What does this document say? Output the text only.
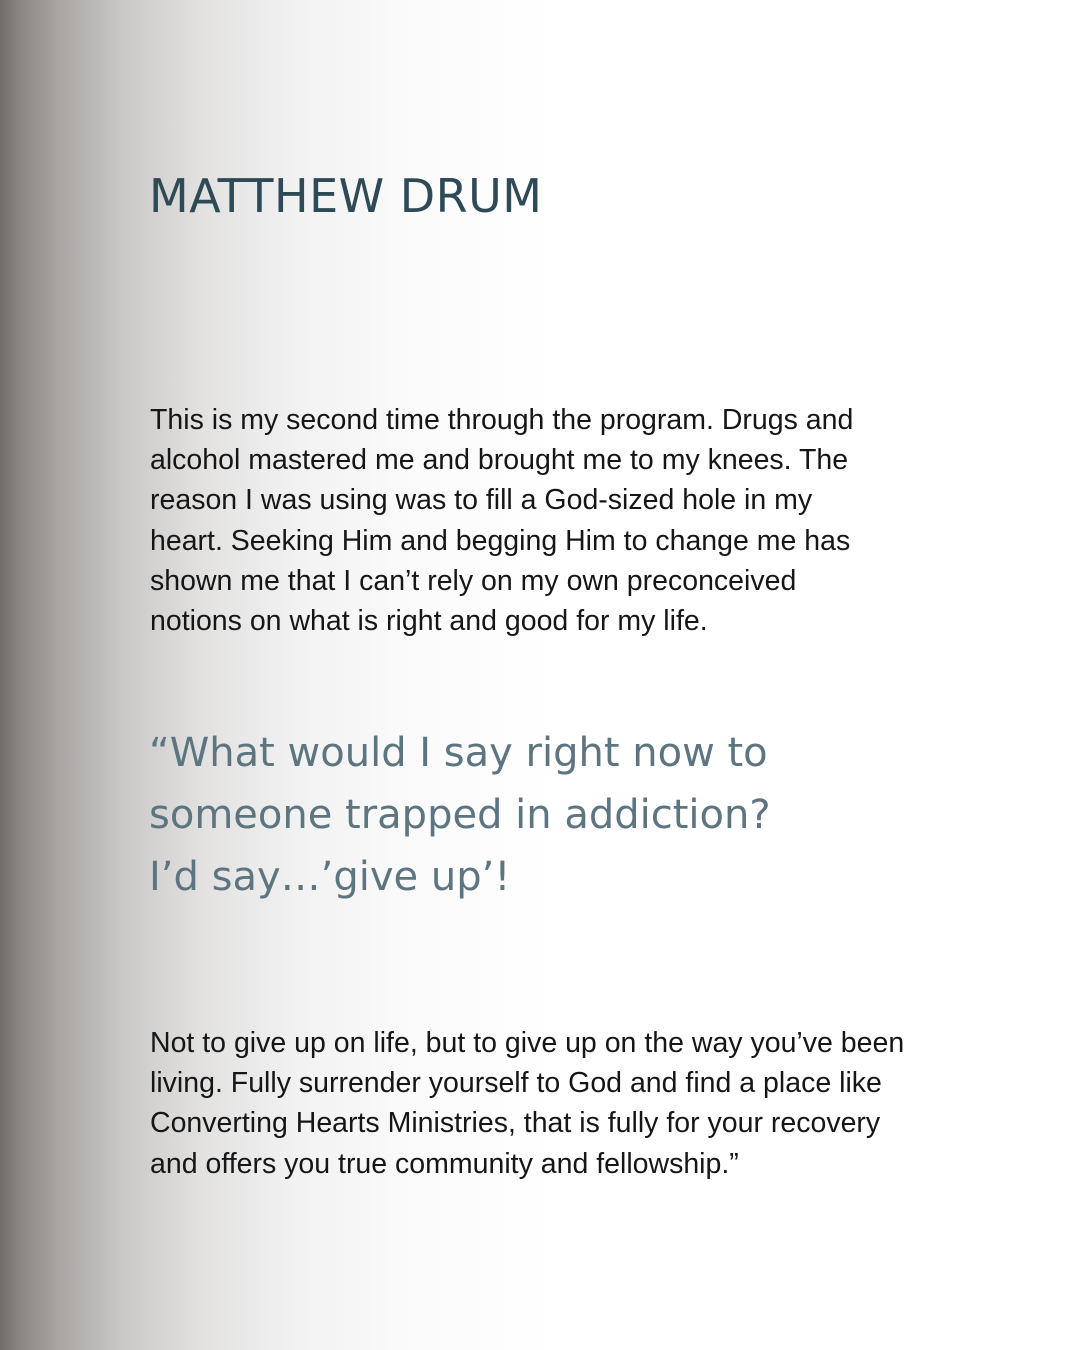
MATTHEW DRUM

This is my second time through the program. Drugs and
alcohol mastered me and brought me to my knees. The
reason I was using was to fill a God-sized hole in my
heart. Seeking Him and begging Him to change me has
shown me that I can’t rely on my own preconceived
notions on what is right and good for my life.

“What would I say right now to
someone trapped in addiction?
I’d say…’give up’!

Not to give up on life, but to give up on the way you’ve been
living. Fully surrender yourself to God and find a place like
Converting Hearts Ministries, that is fully for your recovery
and offers you true community and fellowship.”
